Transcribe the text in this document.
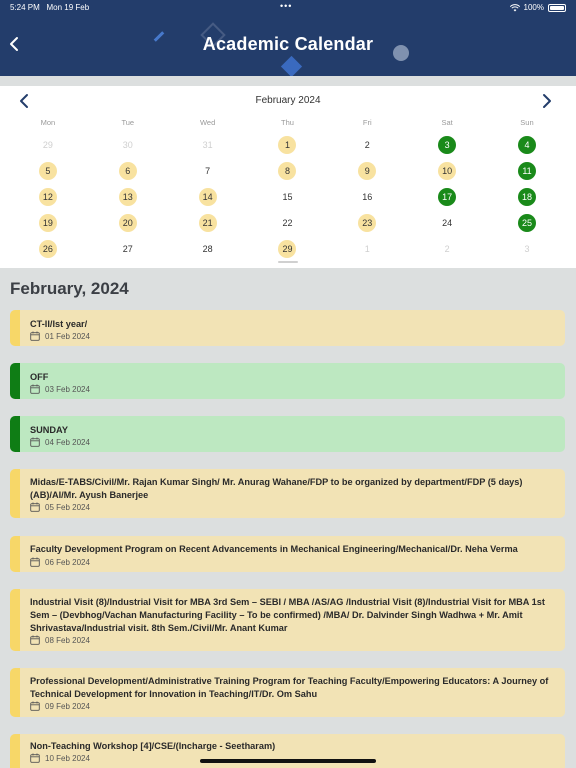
5:24 PM Mon 19 Feb	•••	100%
Academic Calendar
February 2024
Mon	Tue	Wed	Thu	Fri	Sat	Sun
29	30	31	1	2	3	4
5	6	7	8	9	10	11
12	13	14	15	16	17	18
19	20	21	22	23	24	25
26	27	28	29	1	2	3
February, 2024
CT-II/Ist year/
01 Feb 2024
OFF
03 Feb 2024
SUNDAY
04 Feb 2024
Midas/E-TABS/Civil/Mr. Rajan Kumar Singh/ Mr. Anurag Wahane/FDP to be organized by department/FDP (5 days)(AB)/AI/Mr. Ayush Banerjee
05 Feb 2024
Faculty Development Program on Recent Advancements in Mechanical Engineering/Mechanical/Dr. Neha Verma
06 Feb 2024
Industrial Visit (8)/Industrial Visit for MBA 3rd Sem – SEBI / MBA /AS/AG /Industrial Visit (8)/Industrial Visit for MBA 1st Sem – (Devbhog/Vachan Manufacturing Facility – To be confirmed) /MBA/ Dr. Dalvinder Singh Wadhwa + Mr. Amit Shrivastava/Industrial visit. 8th Sem./Civil/Mr. Anant Kumar
08 Feb 2024
Professional Development/Administrative Training Program for Teaching Faculty/Empowering Educators: A Journey of Technical Development for Innovation in Teaching/IT/Dr. Om Sahu
09 Feb 2024
Non-Teaching Workshop [4]/CSE/(Incharge - Seetharam)
10 Feb 2024
